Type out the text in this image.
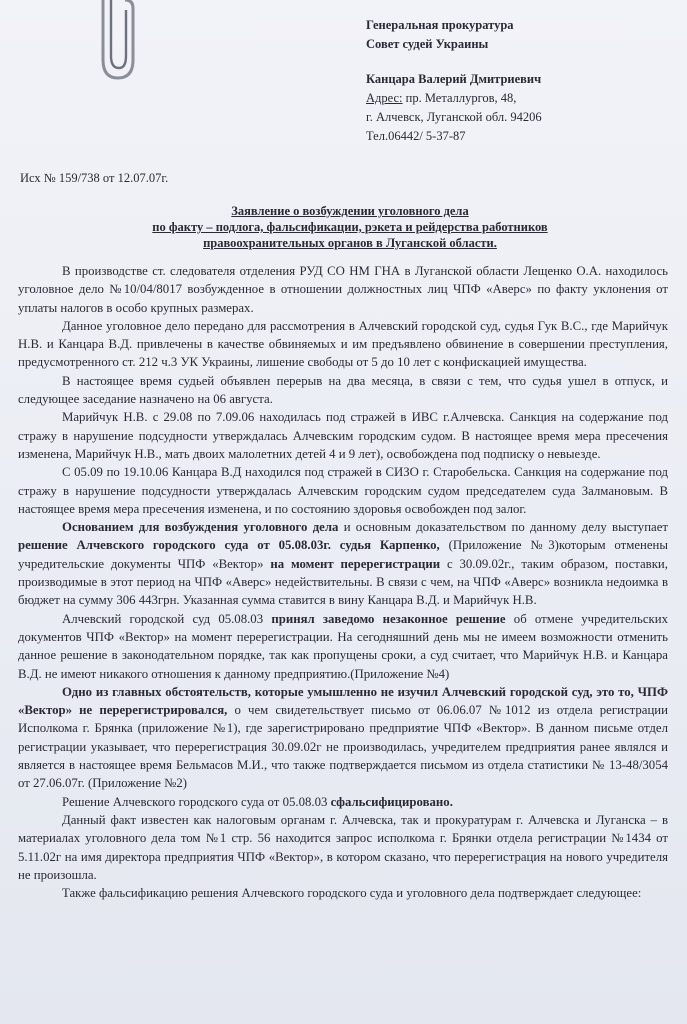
Генеральная прокуратура
Совет судей Украины
Канцара Валерий Дмитриевич
Адрес: пр. Металлургов, 48,
г. Алчевск, Луганской обл. 94206
Тел.06442/ 5-37-87
Исх № 159/738 от 12.07.07г.
Заявление о возбуждении уголовного дела
по факту – подлога, фальсификации, рэкета и рейдерства работников
правоохранительных органов в Луганской области.

В производстве ст. следователя отделения РУД СО НМ ГНА в Луганской области Лещенко О.А. находилось уголовное дело №10/04/8017 возбужденное в отношении должностных лиц ЧПФ «Аверс» по факту уклонения от уплаты налогов в особо крупных размерах.

Данное уголовное дело передано для рассмотрения в Алчевский городской суд, судья Гук В.С., где Марийчук Н.В. и Канцара В.Д. привлечены в качестве обвиняемых и им предъявлено обвинение в совершении преступления, предусмотренного ст. 212 ч.3 УК Украины, лишение свободы от 5 до 10 лет с конфискацией имущества.

В настоящее время судьей объявлен перерыв на два месяца, в связи с тем, что судья ушел в отпуск, и следующее заседание назначено на 06 августа.

Марийчук Н.В. с 29.08 по 7.09.06 находилась под стражей в ИВС г.Алчевска. Санкция на содержание под стражу в нарушение подсудности утверждалась Алчевским городским судом. В настоящее время мера пресечения изменена, Марийчук Н.В., мать двоих малолетних детей 4 и 9 лет), освобождена под подписку о невыезде.

С 05.09 по 19.10.06 Канцара В.Д находился под стражей в СИЗО г. Старобельска. Санкция на содержание под стражу в нарушение подсудности утверждалась Алчевским городским судом председателем суда Залмановым. В настоящее время мера пресечения изменена, и по состоянию здоровья освобожден под залог.

Основанием для возбуждения уголовного дела и основным доказательством по данному делу выступает решение Алчевского городского суда от 05.08.03г. судья Карпенко, (Приложение №3)которым отменены учредительские документы ЧПФ «Вектор» на момент перерегистрации с 30.09.02г., таким образом, поставки, производимые в этот период на ЧПФ «Аверс» недействительны. В связи с чем, на ЧПФ «Аверс» возникла недоимка в бюджет на сумму 306 443грн. Указанная сумма ставится в вину Канцара В.Д. и Марийчук Н.В.

Алчевский городской суд 05.08.03 принял заведомо незаконное решение об отмене учредительских документов ЧПФ «Вектор» на момент перерегистрации. На сегодняшний день мы не имеем возможности отменить данное решение в законодательном порядке, так как пропущены сроки, а суд считает, что Марийчук Н.В. и Канцара В.Д. не имеют никакого отношения к данному предприятию.(Приложение №4)

Одно из главных обстоятельств, которые умышленно не изучил Алчевский городской суд, это то, ЧПФ «Вектор» не перерегистрировался, о чем свидетельствует письмо от 06.06.07 №1012 из отдела регистрации Исполкома г. Брянка (приложение №1), где зарегистрировано предприятие ЧПФ «Вектор». В данном письме отдел регистрации указывает, что перерегистрация 30.09.02г не производилась, учредителем предприятия ранее являлся и является в настоящее время Бельмасов М.И., что также подтверждается письмом из отдела статистики № 13-48/3054 от 27.06.07г. (Приложение №2)

Решение Алчевского городского суда от 05.08.03 сфальсифицировано.

Данный факт известен как налоговым органам г. Алчевска, так и прокуратурам г. Алчевска и Луганска – в материалах уголовного дела том №1 стр. 56 находится запрос исполкома г. Брянки отдела регистрации №1434 от 5.11.02г на имя директора предприятия ЧПФ «Вектор», в котором сказано, что перерегистрация на нового учредителя не произошла.

Также фальсификацию решения Алчевского городского суда и уголовного дела подтверждает следующее:
